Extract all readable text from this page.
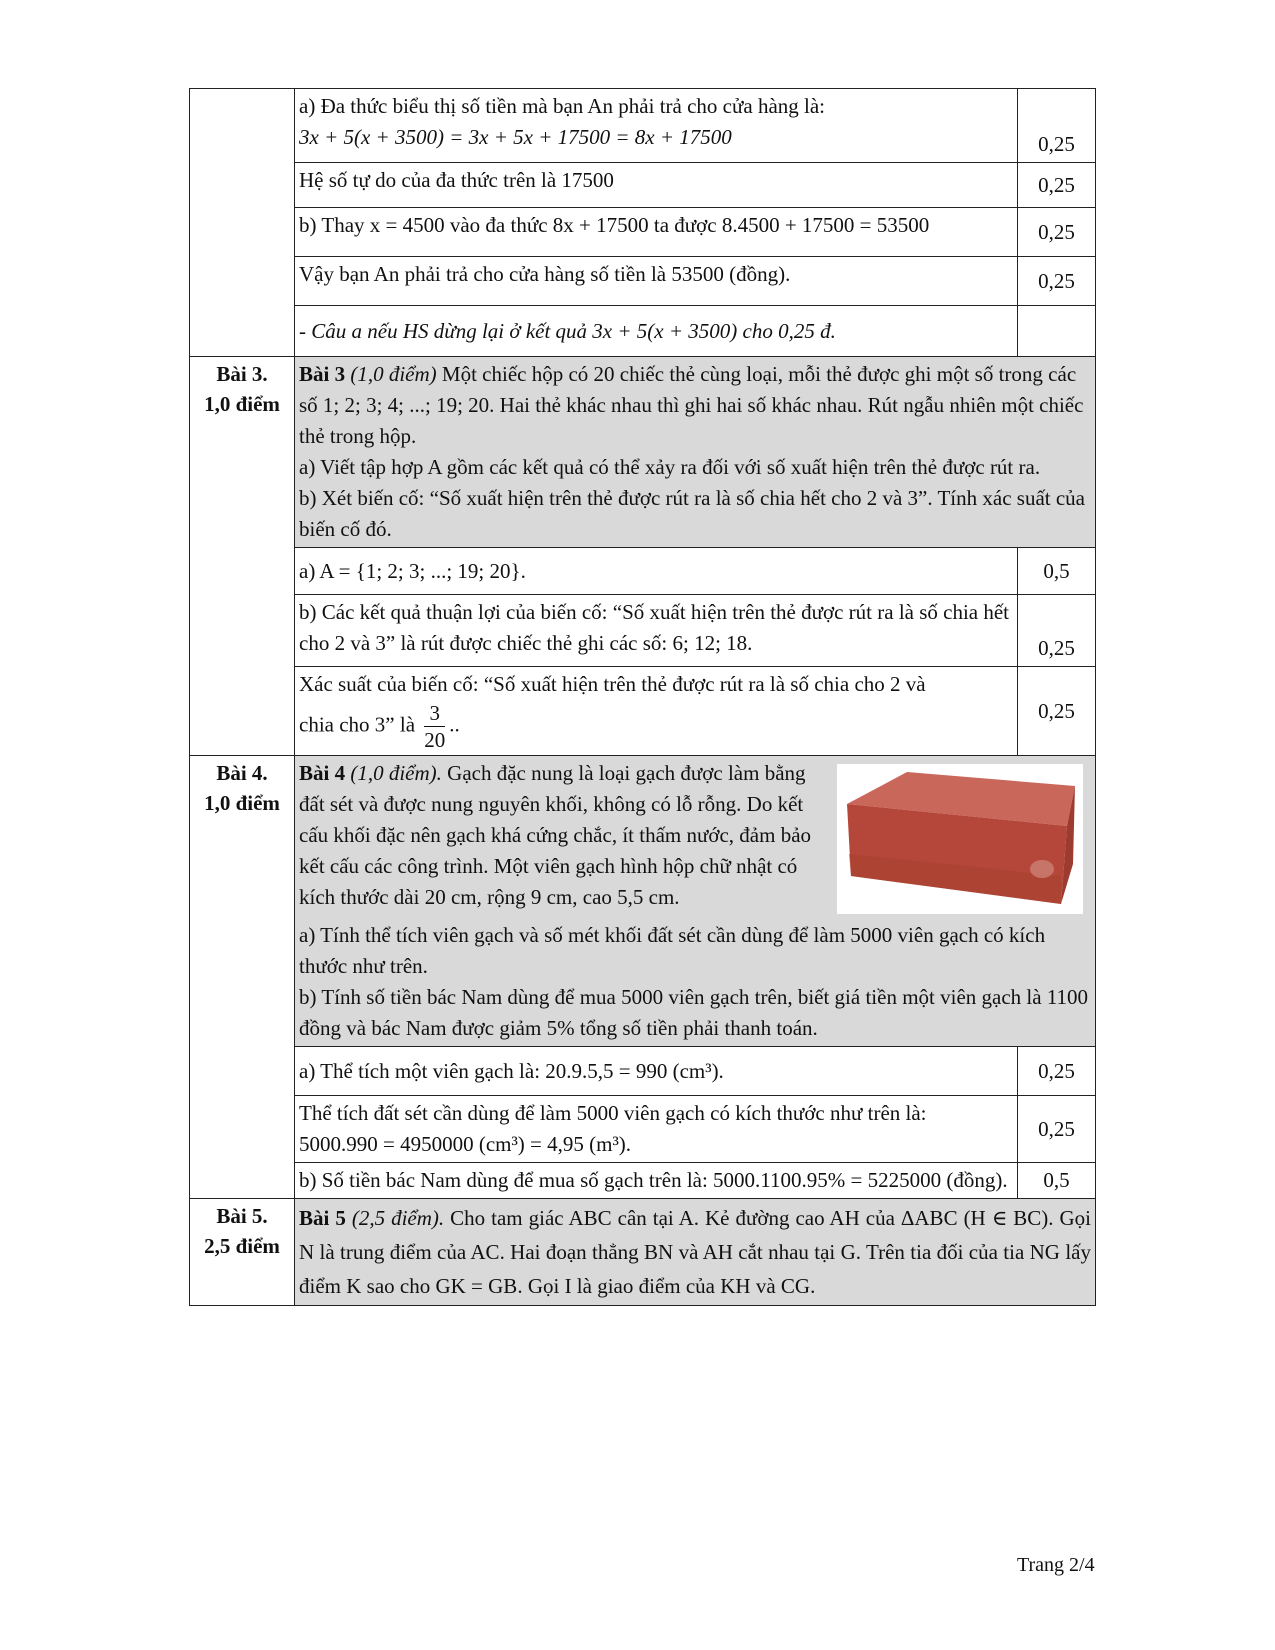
	a) Đa thức biểu thị số tiền mà bạn An phải trả cho cửa hàng là:
3x + 5(x + 3500) = 3x + 5x + 17500 = 8x + 17500	0,25
	Hệ số tự do của đa thức trên là 17500	0,25
	b) Thay x = 4500 vào đa thức 8x + 17500 ta được 8.4500 + 17500 = 53500	0,25
	Vậy bạn An phải trả cho cửa hàng số tiền là 53500 (đồng).	0,25
	- Câu a nếu HS dừng lại ở kết quả 3x + 5(x + 3500) cho 0,25 đ.	

Bài 3.
1,0 điểm	Bài 3 (1,0 điểm) Một chiếc hộp có 20 chiếc thẻ cùng loại, mỗi thẻ được ghi một số trong các số 1; 2; 3; 4; ...; 19; 20. Hai thẻ khác nhau thì ghi hai số khác nhau. Rút ngẫu nhiên một chiếc thẻ trong hộp.
a) Viết tập hợp A gồm các kết quả có thể xảy ra đối với số xuất hiện trên thẻ được rút ra.
b) Xét biến cố: “Số xuất hiện trên thẻ được rút ra là số chia hết cho 2 và 3”. Tính xác suất của biến cố đó.	

	a) A = {1; 2; 3; ...; 19; 20}.	0,5
	b) Các kết quả thuận lợi của biến cố: “Số xuất hiện trên thẻ được rút ra là số chia hết cho 2 và 3” là rút được chiếc thẻ ghi các số: 6; 12; 18.	0,25

	Xác suất của biến cố: “Số xuất hiện trên thẻ được rút ra là số chia cho 2 và
chia cho 3” là $\frac{3}{20}$ ..	0,25

Bài 4.
1,0 điểm	Bài 4 (1,0 điểm). Gạch đặc nung là loại gạch được làm bằng đất sét và được nung nguyên khối, không có lỗ rỗng. Do kết cấu khối đặc nên gạch khá cứng chắc, ít thấm nước, đảm bảo kết cấu các công trình. Một viên gạch hình hộp chữ nhật có kích thước dài 20 cm, rộng 9 cm, cao 5,5 cm.
a) Tính thể tích viên gạch và số mét khối đất sét cần dùng để làm 5000 viên gạch có kích thước như trên.
b) Tính số tiền bác Nam dùng để mua 5000 viên gạch trên, biết giá tiền một viên gạch là 1100 đồng và bác Nam được giảm 5% tổng số tiền phải thanh toán.	

	a) Thể tích một viên gạch là: 20.9.5,5 = 990 (cm³).	0,25

	Thể tích đất sét cần dùng để làm 5000 viên gạch có kích thước như trên là:
5000.990 = 4950000 (cm³) = 4,95 (m³).	0,25
	b) Số tiền bác Nam dùng để mua số gạch trên là: 5000.1100.95% = 5225000 (đồng).	0,5

Bài 5.
2,5 điểm	Bài 5 (2,5 điểm). Cho tam giác ABC cân tại A. Kẻ đường cao AH của ΔABC (H ∈ BC). Gọi N là trung điểm của AC. Hai đoạn thẳng BN và AH cắt nhau tại G. Trên tia đối của tia NG lấy điểm K sao cho GK = GB. Gọi I là giao điểm của KH và CG.	
Trang 2/4
